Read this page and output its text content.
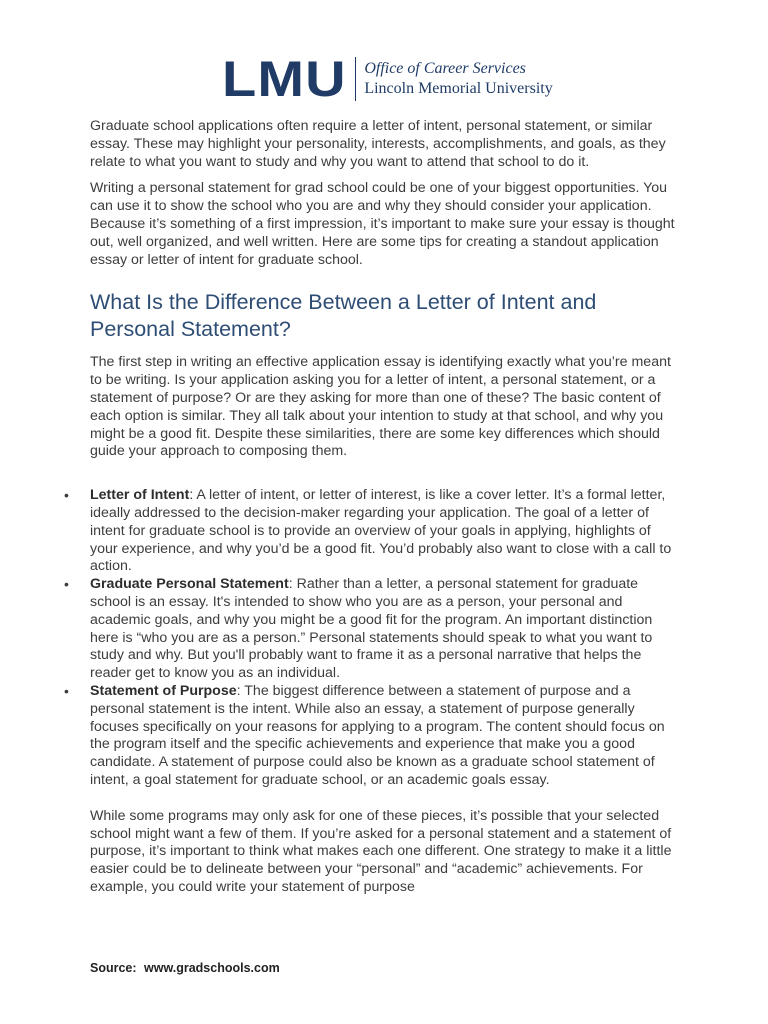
LMU Office of Career Services
Lincoln Memorial University

Graduate school applications often require a letter of intent, personal statement, or similar essay. These may highlight your personality, interests, accomplishments, and goals, as they relate to what you want to study and why you want to attend that school to do it.

Writing a personal statement for grad school could be one of your biggest opportunities. You can use it to show the school who you are and why they should consider your application. Because it’s something of a first impression, it’s important to make sure your essay is thought out, well organized, and well written. Here are some tips for creating a standout application essay or letter of intent for graduate school.

What Is the Difference Between a Letter of Intent and Personal Statement?

The first step in writing an effective application essay is identifying exactly what you’re meant to be writing. Is your application asking you for a letter of intent, a personal statement, or a statement of purpose? Or are they asking for more than one of these? The basic content of each option is similar. They all talk about your intention to study at that school, and why you might be a good fit. Despite these similarities, there are some key differences which should guide your approach to composing them.

• Letter of Intent: A letter of intent, or letter of interest, is like a cover letter. It’s a formal letter, ideally addressed to the decision-maker regarding your application. The goal of a letter of intent for graduate school is to provide an overview of your goals in applying, highlights of your experience, and why you’d be a good fit. You’d probably also want to close with a call to action.
• Graduate Personal Statement: Rather than a letter, a personal statement for graduate school is an essay. It's intended to show who you are as a person, your personal and academic goals, and why you might be a good fit for the program. An important distinction here is “who you are as a person.” Personal statements should speak to what you want to study and why. But you'll probably want to frame it as a personal narrative that helps the reader get to know you as an individual.
• Statement of Purpose: The biggest difference between a statement of purpose and a personal statement is the intent. While also an essay, a statement of purpose generally focuses specifically on your reasons for applying to a program. The content should focus on the program itself and the specific achievements and experience that make you a good candidate. A statement of purpose could also be known as a graduate school statement of intent, a goal statement for graduate school, or an academic goals essay.

While some programs may only ask for one of these pieces, it’s possible that your selected school might want a few of them. If you’re asked for a personal statement and a statement of purpose, it’s important to think what makes each one different. One strategy to make it a little easier could be to delineate between your “personal” and “academic” achievements. For example, you could write your statement of purpose

Source: www.gradschools.com
